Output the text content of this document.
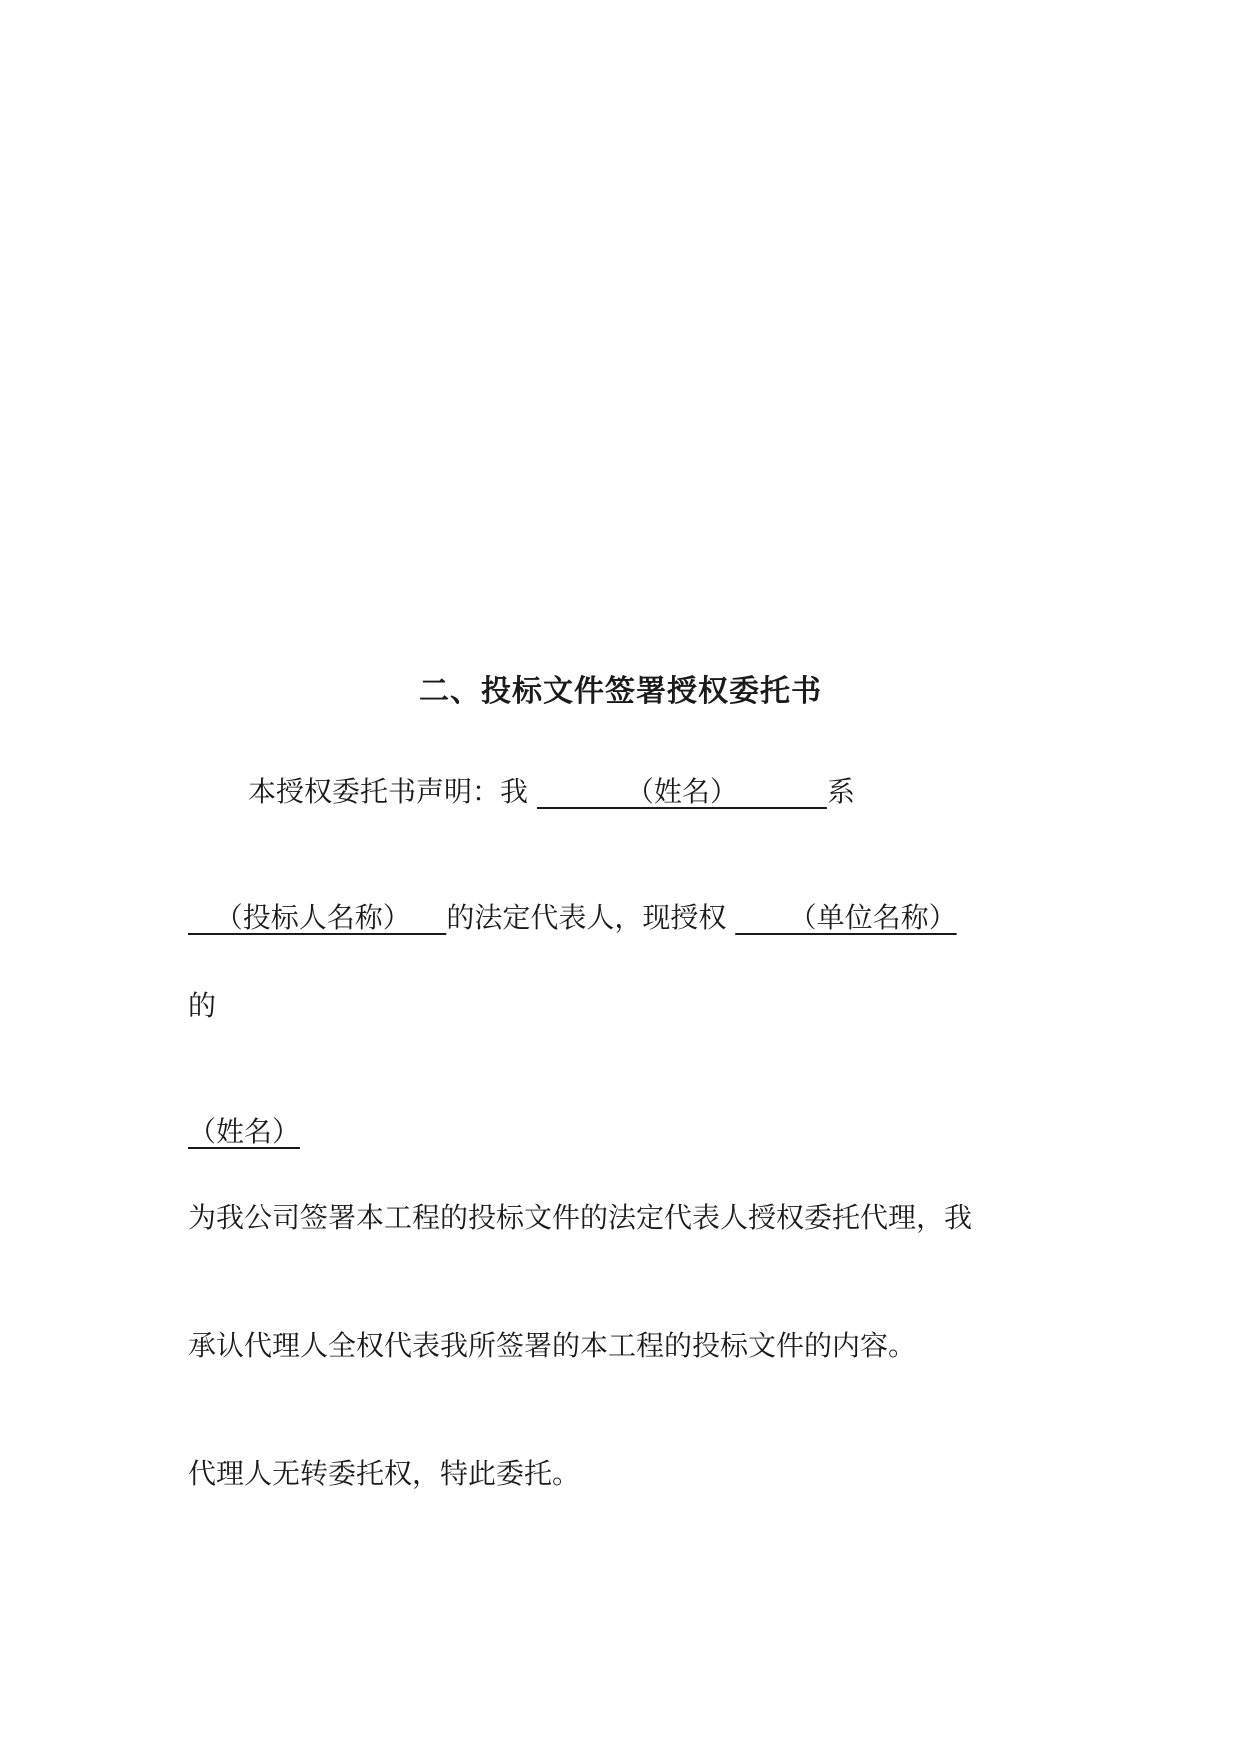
二、投标文件签署授权委托书
本授权委托书声明：我           （姓名）          系
（投标人名称）    的法定代表人，现授权       （单位名称）
的
（姓名）
为我公司签署本工程的投标文件的法定代表人授权委托代理，我
承认代理人全权代表我所签署的本工程的投标文件的内容。
代理人无转委托权，特此委托。
